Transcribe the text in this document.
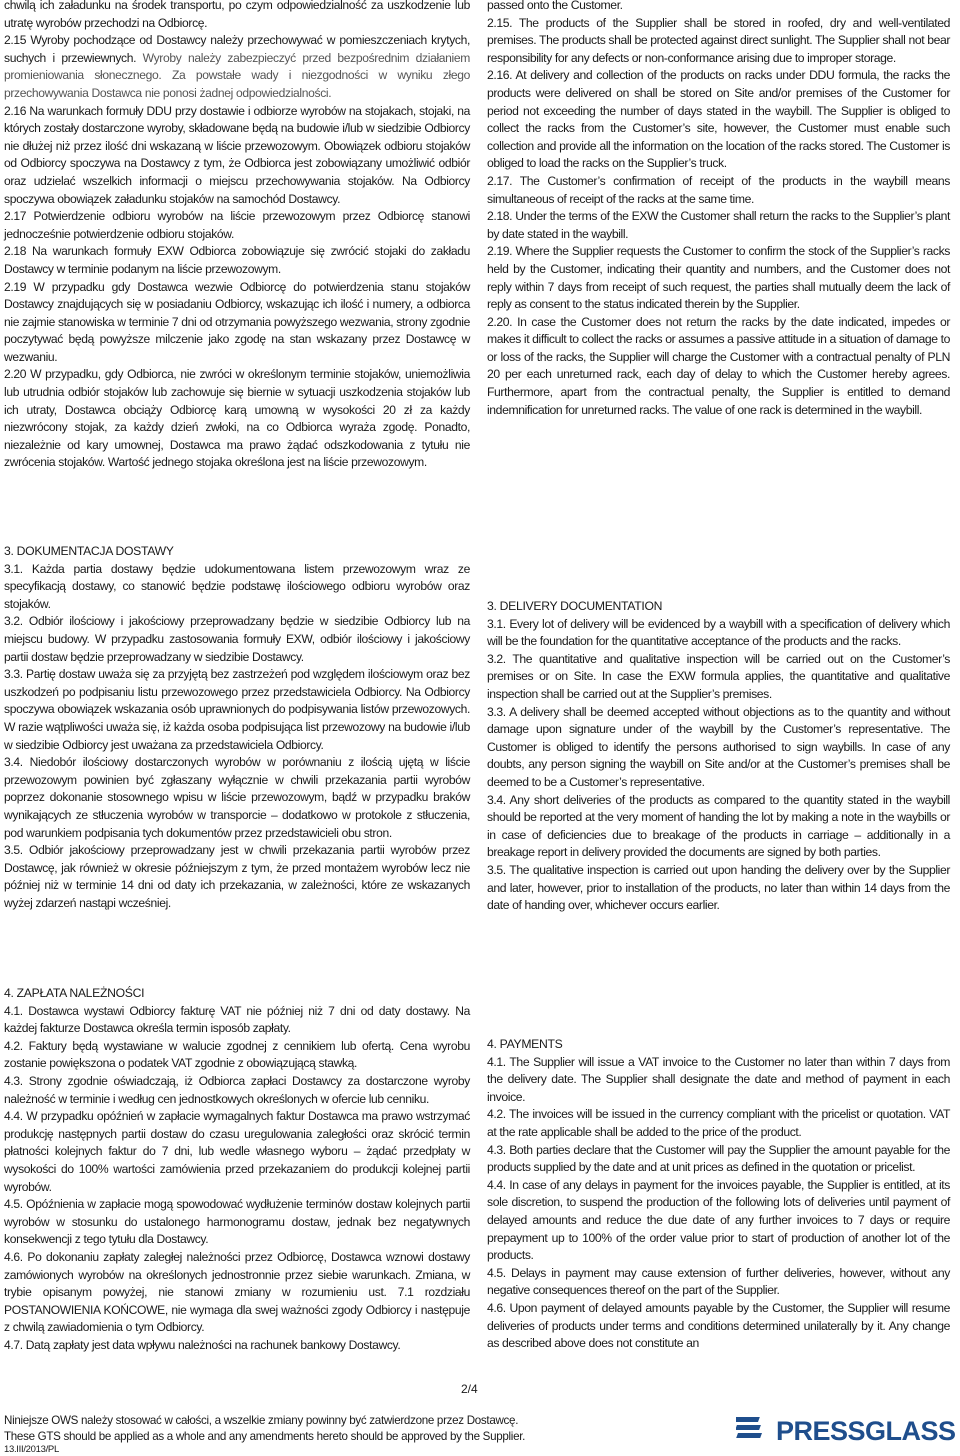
chwilą ich załadunku na środek transportu, po czym odpowiedzialność za uszkodzenie lub utratę wyrobów przechodzi na Odbiorcę.

2.15 Wyroby pochodzące od Dostawcy należy przechowywać w pomieszczeniach krytych, suchych i przewiewnych. Wyroby należy zabezpieczyć przed bezpośrednim działaniem promieniowania słonecznego. Za powstałe wady i niezgodności w wyniku złego przechowywania Dostawca nie ponosi żadnej odpowiedzialności.

2.16 Na warunkach formuły DDU przy dostawie i odbiorze wyrobów na stojakach, stojaki, na których zostały dostarczone wyroby, składowane będą na budowie i/lub w siedzibie Odbiorcy nie dłużej niż przez ilość dni wskazaną w liście przewozowym. Obowiązek odbioru stojaków od Odbiorcy spoczywa na Dostawcy z tym, że Odbiorca jest zobowiązany umożliwić odbiór oraz udzielać wszelkich informacji o miejscu przechowywania stojaków. Na Odbiorcy spoczywa obowiązek załadunku stojaków na samochód Dostawcy.

2.17 Potwierdzenie odbioru wyrobów na liście przewozowym przez Odbiorcę stanowi jednocześnie potwierdzenie odbioru stojaków.

2.18 Na warunkach formuły EXW Odbiorca zobowiązuje się zwrócić stojaki do zakładu Dostawcy w terminie podanym na liście przewozowym.

2.19 W przypadku gdy Dostawca wezwie Odbiorcę do potwierdzenia stanu stojaków Dostawcy znajdujących się w posiadaniu Odbiorcy, wskazując ich ilość i numery, a odbiorca nie zajmie stanowiska w terminie 7 dni od otrzymania powyższego wezwania, strony zgodnie poczytywać będą powyższe milczenie jako zgodę na stan wskazany przez Dostawcę w wezwaniu.

2.20 W przypadku, gdy Odbiorca, nie zwróci w określonym terminie stojaków, uniemożliwia lub utrudnia odbiór stojaków lub zachowuje się biernie w sytuacji uszkodzenia stojaków lub ich utraty, Dostawca obciąży Odbiorcę karą umowną w wysokości 20 zł za każdy niezwrócony stojak, za każdy dzień zwłoki, na co Odbiorca wyraża zgodę. Ponadto, niezależnie od kary umownej, Dostawca ma prawo żądać odszkodowania z tytułu nie zwrócenia stojaków. Wartość jednego stojaka określona jest na liście przewozowym.

3. DOKUMENTACJA DOSTAWY

3.1. Każda partia dostawy będzie udokumentowana listem przewozowym wraz ze specyfikacją dostawy, co stanowić będzie podstawę ilościowego odbioru wyrobów oraz stojaków.

3.2. Odbiór ilościowy i jakościowy przeprowadzany będzie w siedzibie Odbiorcy lub na miejscu budowy. W przypadku zastosowania formuły EXW, odbiór ilościowy i jakościowy partii dostaw będzie przeprowadzany w siedzibie Dostawcy.

3.3. Partię dostaw uważa się za przyjętą bez zastrzeżeń pod względem ilościowym oraz bez uszkodzeń po podpisaniu listu przewozowego przez przedstawiciela Odbiorcy. Na Odbiorcy spoczywa obowiązek wskazania osób uprawnionych do podpisywania listów przewozowych. W razie wątpliwości uważa się, iż każda osoba podpisująca list przewozowy na budowie i/lub w siedzibie Odbiorcy jest uważana za przedstawiciela Odbiorcy.

3.4. Niedobór ilościowy dostarczonych wyrobów w porównaniu z ilością ujętą w liście przewozowym powinien być zgłaszany wyłącznie w chwili przekazania partii wyrobów poprzez dokonanie stosownego wpisu w liście przewozowym, bądź w przypadku braków wynikających ze stłuczenia wyrobów w transporcie – dodatkowo w protokole z stłuczenia, pod warunkiem podpisania tych dokumentów przez przedstawicieli obu stron.

3.5. Odbiór jakościowy przeprowadzany jest w chwili przekazania partii wyrobów przez Dostawcę, jak również w okresie późniejszym z tym, że przed montażem wyrobów lecz nie później niż w terminie 14 dni od daty ich przekazania, w zależności, które ze wskazanych wyżej zdarzeń nastąpi wcześniej.

4. ZAPŁATA NALEŻNOŚCI

4.1. Dostawca wystawi Odbiorcy fakturę VAT nie później niż 7 dni od daty dostawy. Na każdej fakturze Dostawca określa termin isposób zapłaty.

4.2. Faktury będą wystawiane w walucie zgodnej z cennikiem lub ofertą. Cena wyrobu zostanie powiększona o podatek VAT zgodnie z obowiązującą stawką.

4.3. Strony zgodnie oświadczają, iż Odbiorca zapłaci Dostawcy za dostarczone wyroby należność w terminie i według cen jednostkowych określonych w ofercie lub cenniku.

4.4. W przypadku opóźnień w zapłacie wymagalnych faktur Dostawca ma prawo wstrzymać produkcję następnych partii dostaw do czasu uregulowania zaległości oraz skrócić termin płatności kolejnych faktur do 7 dni, lub wedle własnego wyboru – żądać przedpłaty w wysokości do 100% wartości zamówienia przed przekazaniem do produkcji kolejnej partii wyrobów.

4.5. Opóźnienia w zapłacie mogą spowodować wydłużenie terminów dostaw kolejnych partii wyrobów w stosunku do ustalonego harmonogramu dostaw, jednak bez negatywnych konsekwencji z tego tytułu dla Dostawcy.

4.6. Po dokonaniu zapłaty zaległej należności przez Odbiorcę, Dostawca wznowi dostawy zamówionych wyrobów na określonych jednostronnie przez siebie warunkach. Zmiana, w trybie opisanym powyżej, nie stanowi zmiany w rozumieniu ust. 7.1 rozdziału POSTANOWIENIA KOŃCOWE, nie wymaga dla swej ważności zgody Odbiorcy i następuje z chwilą zawiadomienia o tym Odbiorcy.

4.7. Datą zapłaty jest data wpływu należności na rachunek bankowy Dostawcy.

passed onto the Customer.

2.15. The products of the Supplier shall be stored in roofed, dry and well-ventilated premises. The products shall be protected against direct sunlight. The Supplier shall not bear responsibility for any defects or non-conformance arising due to improper storage.

2.16. At delivery and collection of the products on racks under DDU formula, the racks the products were delivered on shall be stored on Site and/or premises of the Customer for period not exceeding the number of days stated in the waybill. The Supplier is obliged to collect the racks from the Customer’s site, however, the Customer must enable such collection and provide all the information on the location of the racks stored. The Customer is obliged to load the racks on the Supplier’s truck.

2.17. The Customer’s confirmation of receipt of the products in the waybill means simultaneous of receipt of the racks at the same time.

2.18. Under the terms of the EXW the Customer shall return the racks to the Supplier’s plant by date stated in the waybill.

2.19. Where the Supplier requests the Customer to confirm the stock of the Supplier’s racks held by the Customer, indicating their quantity and numbers, and the Customer does not reply within 7 days from receipt of such request, the parties shall mutually deem the lack of reply as consent to the status indicated therein by the Supplier.

2.20. In case the Customer does not return the racks by the date indicated, impedes or makes it difficult to collect the racks or assumes a passive attitude in a situation of damage to or loss of the racks, the Supplier will charge the Customer with a contractual penalty of PLN 20 per each unreturned rack, each day of delay to which the Customer hereby agrees. Furthermore, apart from the contractual penalty, the Supplier is entitled to demand indemnification for unreturned racks. The value of one rack is determined in the waybill.

3. DELIVERY DOCUMENTATION

3.1. Every lot of delivery will be evidenced by a waybill with a specification of delivery which will be the foundation for the quantitative acceptance of the products and the racks.

3.2. The quantitative and qualitative inspection will be carried out on the Customer’s premises or on Site. In case the EXW formula applies, the quantitative and qualitative inspection shall be carried out at the Supplier’s premises.

3.3. A delivery shall be deemed accepted without objections as to the quantity and without damage upon signature under of the waybill by the Customer’s representative. The Customer is obliged to identify the persons authorised to sign waybills. In case of any doubts, any person signing the waybill on Site and/or at the Customer’s premises shall be deemed to be a Customer’s representative.

3.4. Any short deliveries of the products as compared to the quantity stated in the waybill should be reported at the very moment of handing the lot by making a note in the waybills or in case of deficiencies due to breakage of the products in carriage – additionally in a breakage report in delivery provided the documents are signed by both parties.

3.5. The qualitative inspection is carried out upon handing the delivery over by the Supplier and later, however, prior to installation of the products, no later than within 14 days from the date of handing over, whichever occurs earlier.

4. PAYMENTS

4.1. The Supplier will issue a VAT invoice to the Customer no later than within 7 days from the delivery date. The Supplier shall designate the date and method of payment in each invoice.

4.2. The invoices will be issued in the currency compliant with the pricelist or quotation. VAT at the rate applicable shall be added to the price of the product.

4.3. Both parties declare that the Customer will pay the Supplier the amount payable for the products supplied by the date and at unit prices as defined in the quotation or pricelist.

4.4. In case of any delays in payment for the invoices payable, the Supplier is entitled, at its sole discretion, to suspend the production of the following lots of deliveries until payment of delayed amounts and reduce the due date of any further invoices to 7 days or require prepayment up to 100% of the order value prior to start of production of another lot of the products.

4.5. Delays in payment may cause extension of further deliveries, however, without any negative consequences thereof on the part of the Supplier.

4.6. Upon payment of delayed amounts payable by the Customer, the Supplier will resume deliveries of products under terms and conditions determined unilaterally by it. Any change as described above does not constitute an

2/4
Niniejsze OWS należy stosować w całości, a wszelkie zmiany powinny być zatwierdzone przez Dostawcę.
These GTS should be applied as a whole and any amendments hereto should be approved by the Supplier.
13.III/2013/PL
PRESSGLASS
